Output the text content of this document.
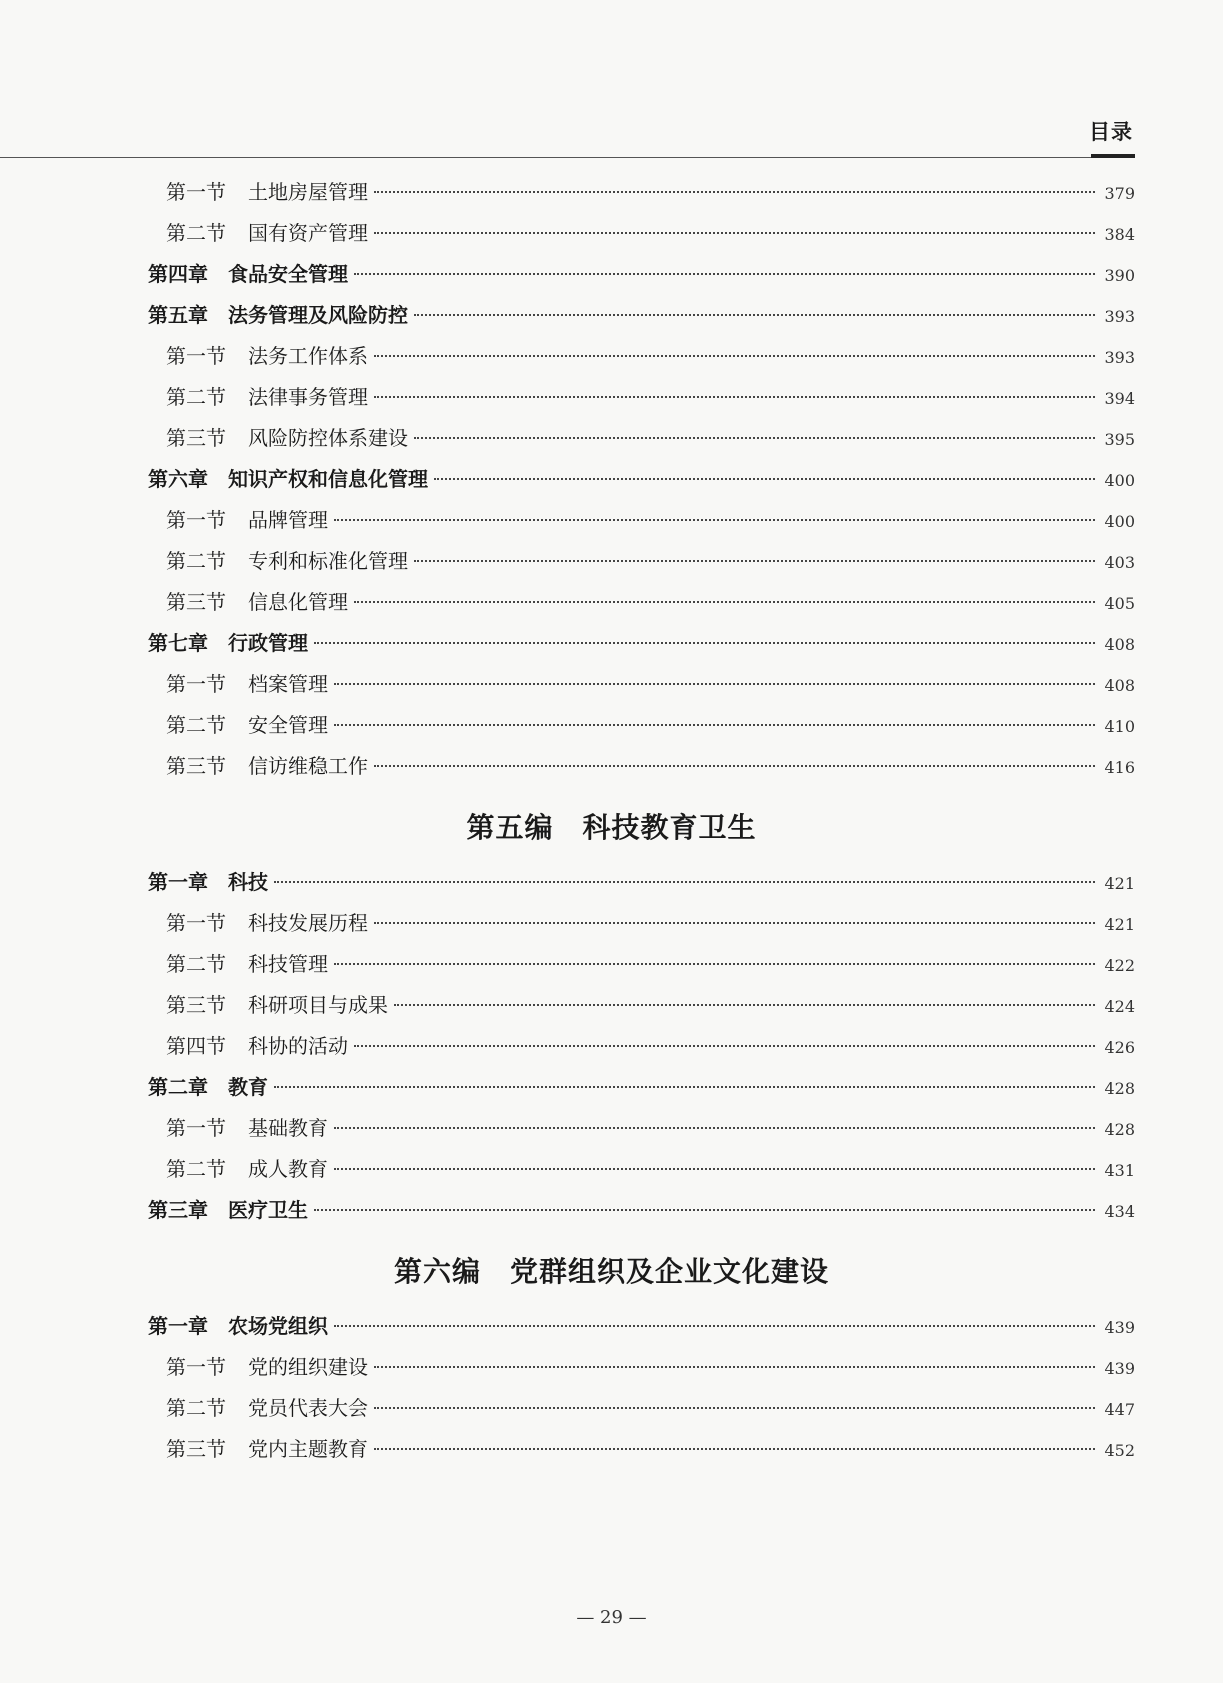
目录
第一节 土地房屋管理	379
第二节 国有资产管理	384
第四章 食品安全管理	390
第五章 法务管理及风险防控	393
第一节 法务工作体系	393
第二节 法律事务管理	394
第三节 风险防控体系建设	395
第六章 知识产权和信息化管理	400
第一节 品牌管理	400
第二节 专利和标准化管理	403
第三节 信息化管理	405
第七章 行政管理	408
第一节 档案管理	408
第二节 安全管理	410
第三节 信访维稳工作	416
第五编　科技教育卫生
第一章 科技	421
第一节 科技发展历程	421
第二节 科技管理	422
第三节 科研项目与成果	424
第四节 科协的活动	426
第二章 教育	428
第一节 基础教育	428
第二节 成人教育	431
第三章 医疗卫生	434
第六编　党群组织及企业文化建设
第一章 农场党组织	439
第一节 党的组织建设	439
第二节 党员代表大会	447
第三节 党内主题教育	452
— 29 —
